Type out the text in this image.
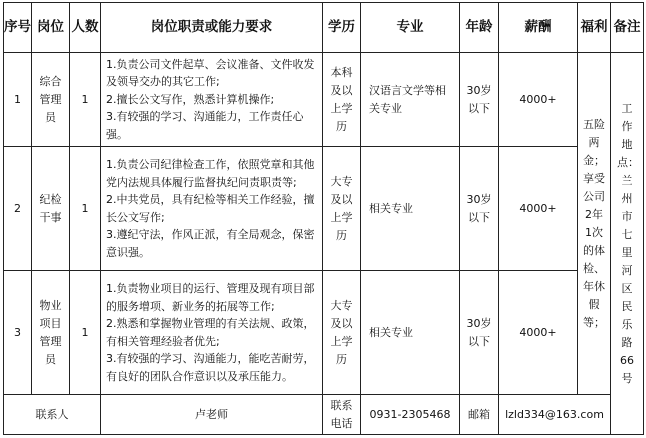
序号	岗位	人数	岗位职责或能力要求	学历	专业	年龄	薪酬	福利	备注
1	综合管理员	1	1.负责公司文件起草、会议准备、文件收发及领导交办的其它工作;
2.擅长公文写作，熟悉计算机操作;
3.有较强的学习、沟通能力，工作责任心强。	本科及以上学历	汉语言文学等相关专业	30岁以下	4000+	五险两金；享受公司2年1次的体检、年休假等；	工作地点：兰州市七里河区民乐路66号
2	纪检干事	1	1.负责公司纪律检查工作，依照党章和其他党内法规具体履行监督执纪问责职责等;
2.中共党员，具有纪检等相关工作经验，擅长公文写作;
3.遵纪守法，作风正派，有全局观念，保密意识强。	大专及以上学历	相关专业	30岁以下	4000+		
3	物业项目管理员	1	1.负责物业项目的运行、管理及现有项目部的服务增项、新业务的拓展等工作;
2.熟悉和掌握物业管理的有关法规、政策，有相关管理经验者优先;
3.有较强的学习、沟通能力，能吃苦耐劳，有良好的团队合作意识以及承压能力。	大专及以上学历	相关专业	30岁以下	4000+		
联系人			卢老师	联系电话	0931-2305468	邮箱	lzld334@163.com		
